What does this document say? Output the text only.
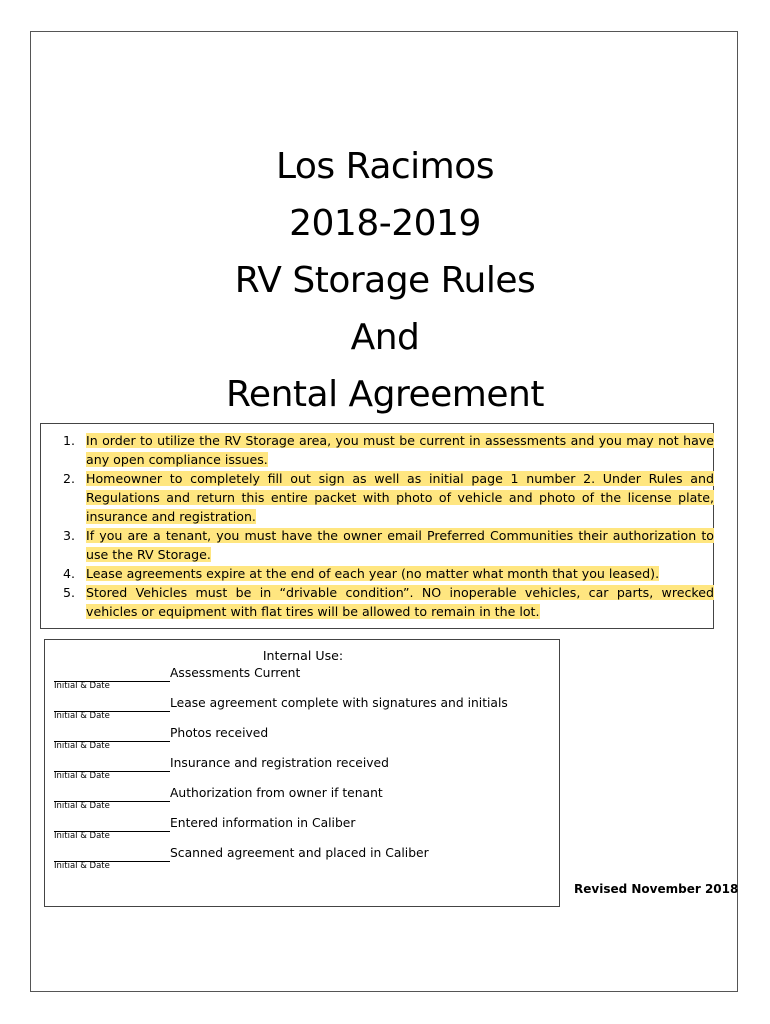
Los Racimos
2018-2019
RV Storage Rules
And
Rental Agreement
1. In order to utilize the RV Storage area, you must be current in assessments and you may not have any open compliance issues.
2. Homeowner to completely fill out sign as well as initial page 1 number 2. Under Rules and Regulations and return this entire packet with photo of vehicle and photo of the license plate, insurance and registration.
3. If you are a tenant, you must have the owner email Preferred Communities their authorization to use the RV Storage.
4. Lease agreements expire at the end of each year (no matter what month that you leased).
5. Stored Vehicles must be in “drivable condition”. NO inoperable vehicles, car parts, wrecked vehicles or equipment with flat tires will be allowed to remain in the lot.
Internal Use:
Assessments Current
Initial & Date
Lease agreement complete with signatures and initials
Initial & Date
Photos received
Initial & Date
Insurance and registration received
Initial & Date
Authorization from owner if tenant
Initial & Date
Entered information in Caliber
Initial & Date
Scanned agreement and placed in Caliber
Initial & Date
Revised November 2018
